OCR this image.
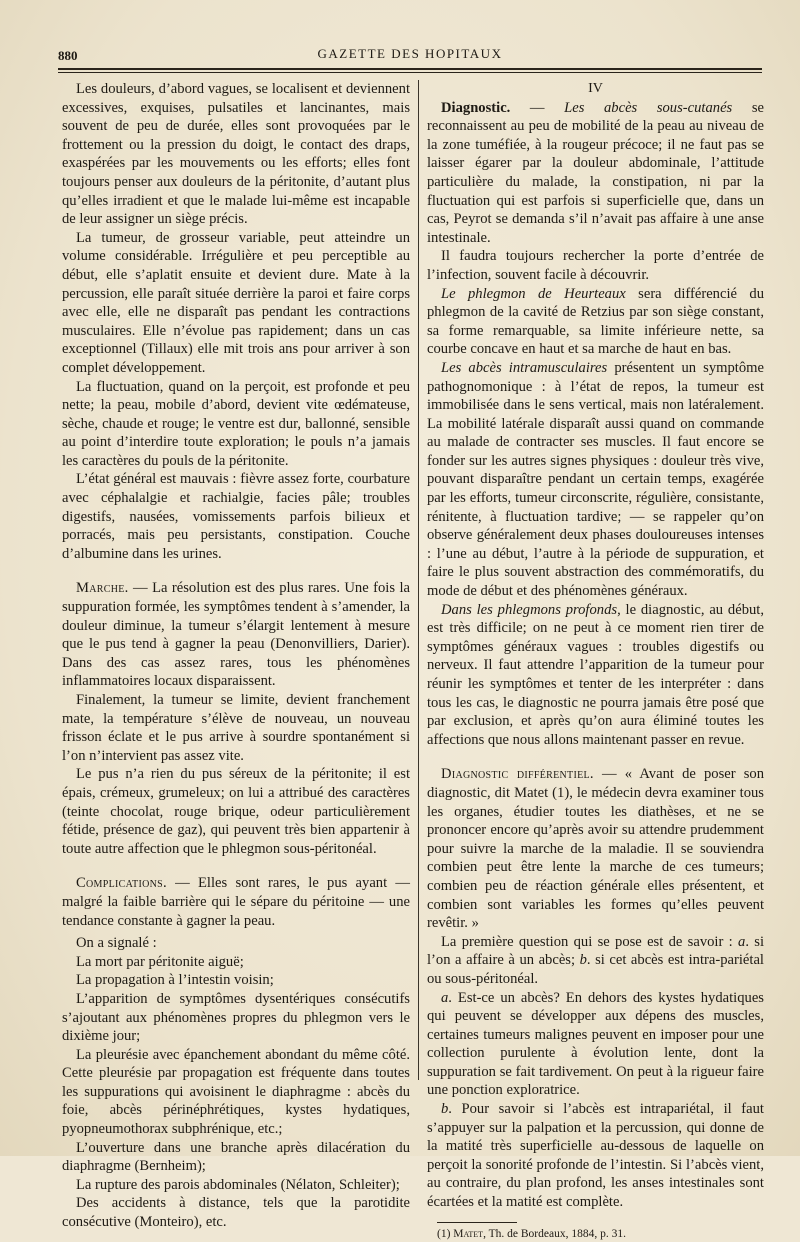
880	GAZETTE DES HOPITAUX

Les douleurs, d’abord vagues, se localisent et deviennent excessives, exquises, pulsatiles et lancinantes, mais souvent de peu de durée, elles sont provoquées par le frottement ou la pression du doigt, le contact des draps, exaspérées par les mouvements ou les efforts; elles font toujours penser aux douleurs de la péritonite, d’autant plus qu’elles irradient et que le malade lui-même est incapable de leur assigner un siège précis.

La tumeur, de grosseur variable, peut atteindre un volume considérable. Irrégulière et peu perceptible au début, elle s’aplatit ensuite et devient dure. Mate à la percussion, elle paraît située derrière la paroi et faire corps avec elle, elle ne disparaît pas pendant les contractions musculaires. Elle n’évolue pas rapidement; dans un cas exceptionnel (Tillaux) elle mit trois ans pour arriver à son complet développement.

La fluctuation, quand on la perçoit, est profonde et peu nette; la peau, mobile d’abord, devient vite œdémateuse, sèche, chaude et rouge; le ventre est dur, ballonné, sensible au point d’interdire toute exploration; le pouls n’a jamais les caractères du pouls de la péritonite.

L’état général est mauvais : fièvre assez forte, courbature avec céphalalgie et rachialgie, facies pâle; troubles digestifs, nausées, vomissements parfois bilieux et porracés, mais peu persistants, constipation. Couche d’albumine dans les urines.

Marche. — La résolution est des plus rares. Une fois la suppuration formée, les symptômes tendent à s’amender, la douleur diminue, la tumeur s’élargit lentement à mesure que le pus tend à gagner la peau (Denonvilliers, Darier). Dans des cas assez rares, tous les phénomènes inflammatoires locaux disparaissent.

Finalement, la tumeur se limite, devient franchement mate, la température s’élève de nouveau, un nouveau frisson éclate et le pus arrive à sourdre spontanément si l’on n’intervient pas assez vite.

Le pus n’a rien du pus séreux de la péritonite; il est épais, crémeux, grumeleux; on lui a attribué des caractères (teinte chocolat, rouge brique, odeur particulièrement fétide, présence de gaz), qui peuvent très bien appartenir à toute autre affection que le phlegmon sous-péritonéal.

Complications. — Elles sont rares, le pus ayant — malgré la faible barrière qui le sépare du péritoine — une tendance constante à gagner la peau.

On a signalé :

La mort par péritonite aiguë;

La propagation à l’intestin voisin;

L’apparition de symptômes dysentériques consécutifs s’ajoutant aux phénomènes propres du phlegmon vers le dixième jour;

La pleurésie avec épanchement abondant du même côté. Cette pleurésie par propagation est fréquente dans toutes les suppurations qui avoisinent le diaphragme : abcès du foie, abcès périnéphrétiques, kystes hydatiques, pyopneumothorax subphrénique, etc.;

L’ouverture dans une branche après dilacération du diaphragme (Bernheim);

La rupture des parois abdominales (Nélaton, Schleiter);

Des accidents à distance, tels que la parotidite consécutive (Monteiro), etc.

IV

Diagnostic. — Les abcès sous-cutanés se reconnaissent au peu de mobilité de la peau au niveau de la zone tuméfiée, à la rougeur précoce; il ne faut pas se laisser égarer par la douleur abdominale, l’attitude particulière du malade, la constipation, ni par la fluctuation qui est parfois si superficielle que, dans un cas, Peyrot se demanda s’il n’avait pas affaire à une anse intestinale.

Il faudra toujours rechercher la porte d’entrée de l’infection, souvent facile à découvrir.

Le phlegmon de Heurteaux sera différencié du phlegmon de la cavité de Retzius par son siège constant, sa forme remarquable, sa limite inférieure nette, sa courbe concave en haut et sa marche de haut en bas.

Les abcès intramusculaires présentent un symptôme pathognomonique : à l’état de repos, la tumeur est immobilisée dans le sens vertical, mais non latéralement. La mobilité latérale disparaît aussi quand on commande au malade de contracter ses muscles. Il faut encore se fonder sur les autres signes physiques : douleur très vive, pouvant disparaître pendant un certain temps, exagérée par les efforts, tumeur circonscrite, régulière, consistante, rénitente, à fluctuation tardive; — se rappeler qu’on observe généralement deux phases douloureuses intenses : l’une au début, l’autre à la période de suppuration, et faire le plus souvent abstraction des commémoratifs, du mode de début et des phénomènes généraux.

Dans les phlegmons profonds, le diagnostic, au début, est très difficile; on ne peut à ce moment rien tirer de symptômes généraux vagues : troubles digestifs ou nerveux. Il faut attendre l’apparition de la tumeur pour réunir les symptômes et tenter de les interpréter : dans tous les cas, le diagnostic ne pourra jamais être posé que par exclusion, et après qu’on aura éliminé toutes les affections que nous allons maintenant passer en revue.

Diagnostic différentiel. — « Avant de poser son diagnostic, dit Matet (1), le médecin devra examiner tous les organes, étudier toutes les diathèses, et ne se prononcer encore qu’après avoir su attendre prudemment pour suivre la marche de la maladie. Il se souviendra combien peut être lente la marche de ces tumeurs; combien peu de réaction générale elles présentent, et combien sont variables les formes qu’elles peuvent revêtir. »

La première question qui se pose est de savoir : a. si l’on a affaire à un abcès; b. si cet abcès est intra-pariétal ou sous-péritonéal.

a. Est-ce un abcès? En dehors des kystes hydatiques qui peuvent se développer aux dépens des muscles, certaines tumeurs malignes peuvent en imposer pour une collection purulente à évolution lente, dont la suppuration se fait tardivement. On peut à la rigueur faire une ponction exploratrice.

b. Pour savoir si l’abcès est intrapariétal, il faut s’appuyer sur la palpation et la percussion, qui donne de la matité très superficielle au-dessous de laquelle on perçoit la sonorité profonde de l’intestin. Si l’abcès vient, au contraire, du plan profond, les anses intestinales sont écartées et la matité est complète.

(1) Matet, Th. de Bordeaux, 1884, p. 31.
